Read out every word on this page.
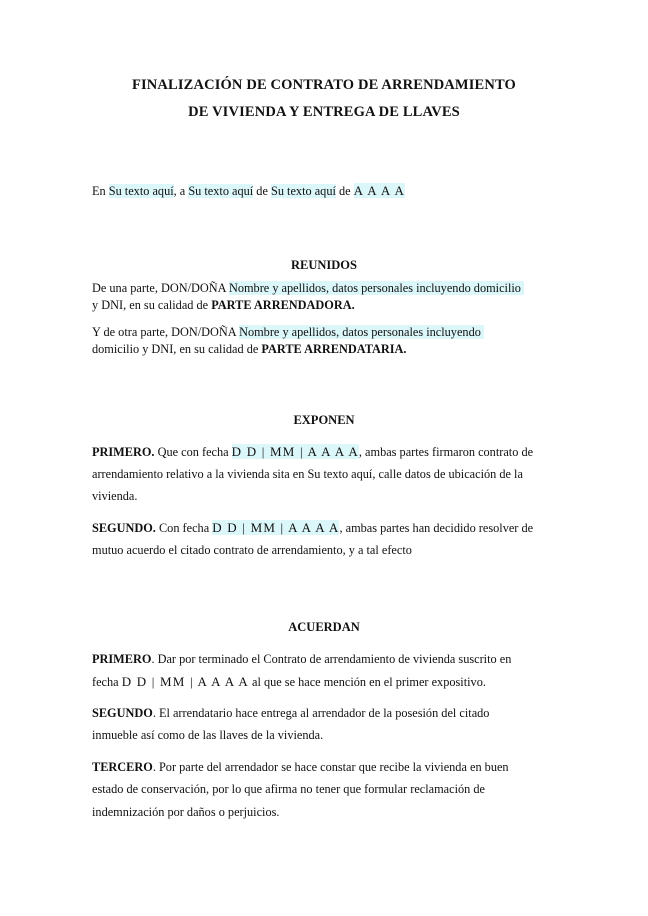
FINALIZACIÓN DE CONTRATO DE ARRENDAMIENTO
DE VIVIENDA Y ENTREGA DE LLAVES
En Su texto aquí, a Su texto aquí de Su texto aquí de A A A A
REUNIDOS
De una parte, DON/DOÑA Nombre y apellidos, datos personales incluyendo domicilio
y DNI, en su calidad de PARTE ARRENDADORA.
Y de otra parte, DON/DOÑA Nombre y apellidos, datos personales incluyendo
domicilio y DNI, en su calidad de PARTE ARRENDATARIA.
EXPONEN
PRIMERO. Que con fecha D D | MM | A A A A, ambas partes firmaron contrato de
arrendamiento relativo a la vivienda sita en Su texto aquí, calle datos de ubicación de la
vivienda.
SEGUNDO. Con fecha D D | MM | A A A A, ambas partes han decidido resolver de
mutuo acuerdo el citado contrato de arrendamiento, y a tal efecto
ACUERDAN
PRIMERO. Dar por terminado el Contrato de arrendamiento de vivienda suscrito en
fecha D D | MM | A A A A al que se hace mención en el primer expositivo.
SEGUNDO. El arrendatario hace entrega al arrendador de la posesión del citado
inmueble así como de las llaves de la vivienda.
TERCERO. Por parte del arrendador se hace constar que recibe la vivienda en buen
estado de conservación, por lo que afirma no tener que formular reclamación de
indemnización por daños o perjuicios.
